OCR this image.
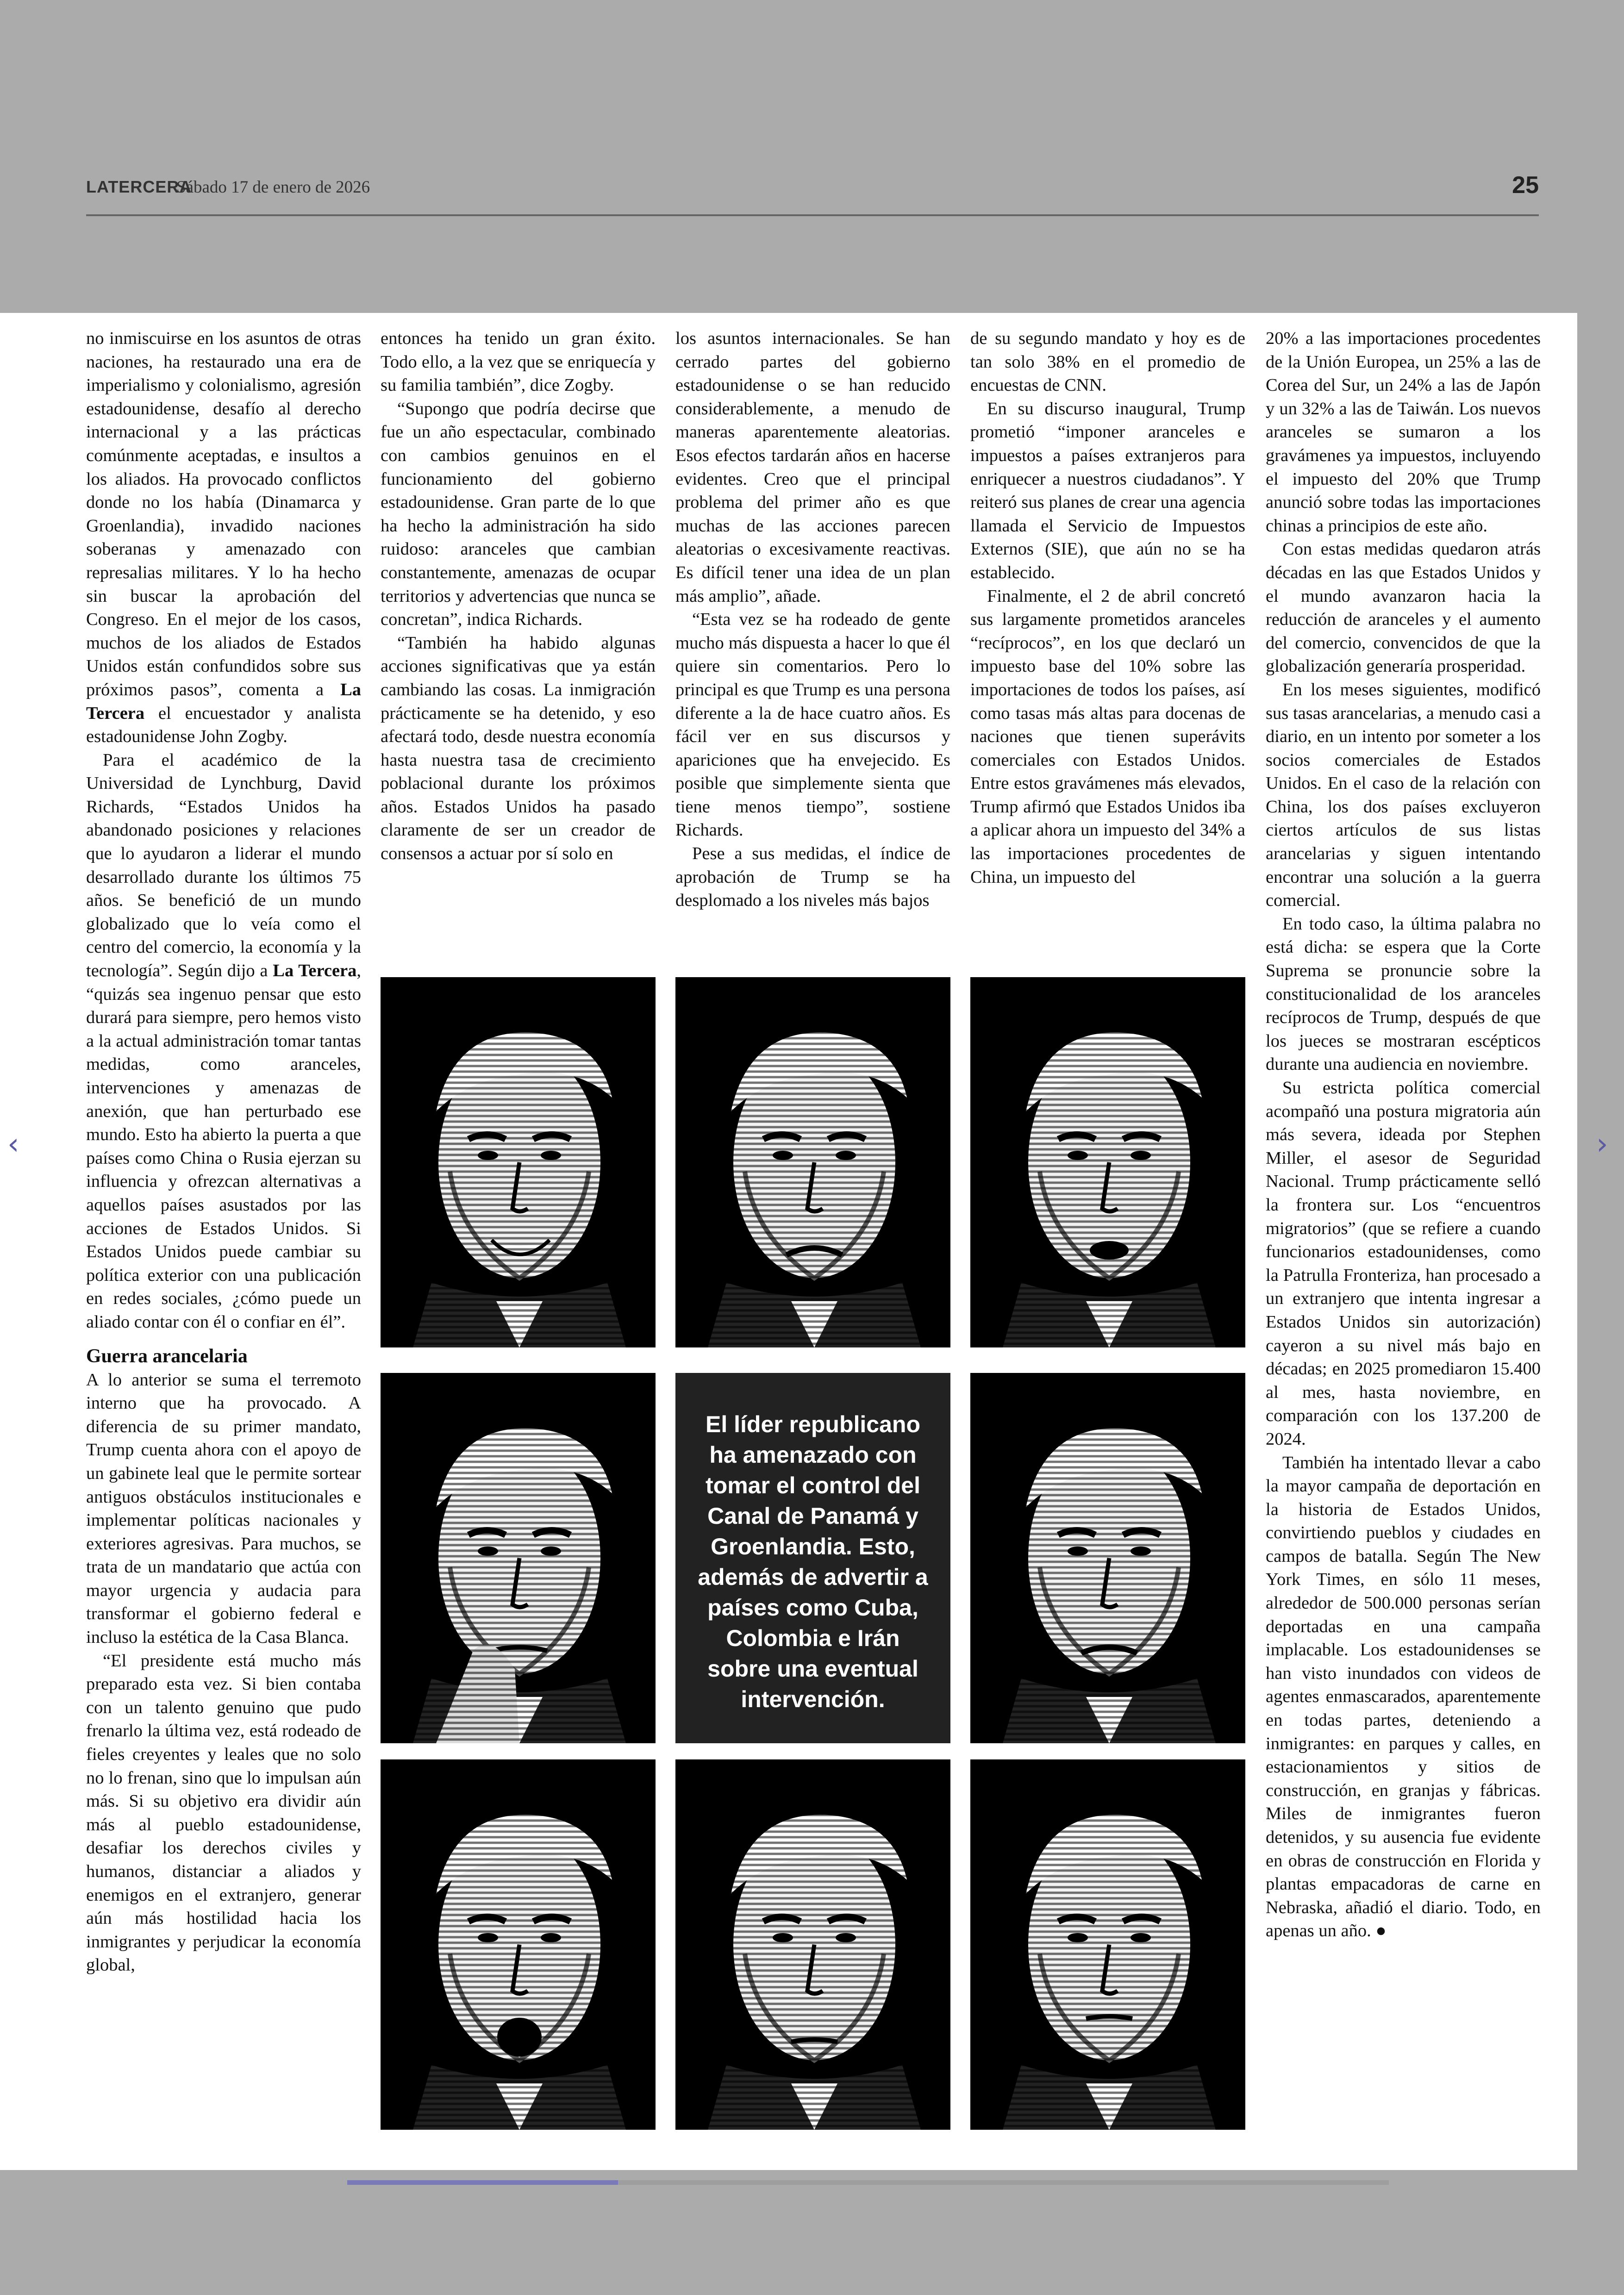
LATERCERA
Sábado 17 de enero de 2026	25

no inmiscuirse en los asuntos de otras naciones, ha restaurado una era de imperialismo y colonialismo, agresión estadounidense, desafío al derecho internacional y a las prácticas comúnmente aceptadas, e insultos a los aliados. Ha provocado conflictos donde no los había (Dinamarca y Groenlandia), invadido naciones soberanas y amenazado con represalias militares. Y lo ha hecho sin buscar la aprobación del Congreso. En el mejor de los casos, muchos de los aliados de Estados Unidos están confundidos sobre sus próximos pasos”, comenta a La Tercera el encuestador y analista estadounidense John Zogby.

Para el académico de la Universidad de Lynchburg, David Richards, “Estados Unidos ha abandonado posiciones y relaciones que lo ayudaron a liderar el mundo desarrollado durante los últimos 75 años. Se benefició de un mundo globalizado que lo veía como el centro del comercio, la economía y la tecnología”. Según dijo a La Tercera, “quizás sea ingenuo pensar que esto durará para siempre, pero hemos visto a la actual administración tomar tantas medidas, como aranceles, intervenciones y amenazas de anexión, que han perturbado ese mundo. Esto ha abierto la puerta a que países como China o Rusia ejerzan su influencia y ofrezcan alternativas a aquellos países asustados por las acciones de Estados Unidos. Si Estados Unidos puede cambiar su política exterior con una publicación en redes sociales, ¿cómo puede un aliado contar con él o confiar en él”.

Guerra arancelaria

A lo anterior se suma el terremoto interno que ha provocado. A diferencia de su primer mandato, Trump cuenta ahora con el apoyo de un gabinete leal que le permite sortear antiguos obstáculos institucionales e implementar políticas nacionales y exteriores agresivas. Para muchos, se trata de un mandatario que actúa con mayor urgencia y audacia para transformar el gobierno federal e incluso la estética de la Casa Blanca.

“El presidente está mucho más preparado esta vez. Si bien contaba con un talento genuino que pudo frenarlo la última vez, está rodeado de fieles creyentes y leales que no solo no lo frenan, sino que lo impulsan aún más. Si su objetivo era dividir aún más al pueblo estadounidense, desafiar los derechos civiles y humanos, distanciar a aliados y enemigos en el extranjero, generar aún más hostilidad hacia los inmigrantes y perjudicar la economía global,

entonces ha tenido un gran éxito. Todo ello, a la vez que se enriquecía y su familia también”, dice Zogby.

“Supongo que podría decirse que fue un año espectacular, combinado con cambios genuinos en el funcionamiento del gobierno estadounidense. Gran parte de lo que ha hecho la administración ha sido ruidoso: aranceles que cambian constantemente, amenazas de ocupar territorios y advertencias que nunca se concretan”, indica Richards.

“También ha habido algunas acciones significativas que ya están cambiando las cosas. La inmigración prácticamente se ha detenido, y eso afectará todo, desde nuestra economía hasta nuestra tasa de crecimiento poblacional durante los próximos años. Estados Unidos ha pasado claramente de ser un creador de consensos a actuar por sí solo en

los asuntos internacionales. Se han cerrado partes del gobierno estadounidense o se han reducido considerablemente, a menudo de maneras aparentemente aleatorias. Esos efectos tardarán años en hacerse evidentes. Creo que el principal problema del primer año es que muchas de las acciones parecen aleatorias o excesivamente reactivas. Es difícil tener una idea de un plan más amplio”, añade.

“Esta vez se ha rodeado de gente mucho más dispuesta a hacer lo que él quiere sin comentarios. Pero lo principal es que Trump es una persona diferente a la de hace cuatro años. Es fácil ver en sus discursos y apariciones que ha envejecido. Es posible que simplemente sienta que tiene menos tiempo”, sostiene Richards.

Pese a sus medidas, el índice de aprobación de Trump se ha desplomado a los niveles más bajos

de su segundo mandato y hoy es de tan solo 38% en el promedio de encuestas de CNN.

En su discurso inaugural, Trump prometió “imponer aranceles e impuestos a países extranjeros para enriquecer a nuestros ciudadanos”. Y reiteró sus planes de crear una agencia llamada el Servicio de Impuestos Externos (SIE), que aún no se ha establecido.

Finalmente, el 2 de abril concretó sus largamente prometidos aranceles “recíprocos”, en los que declaró un impuesto base del 10% sobre las importaciones de todos los países, así como tasas más altas para docenas de naciones que tienen superávits comerciales con Estados Unidos. Entre estos gravámenes más elevados, Trump afirmó que Estados Unidos iba a aplicar ahora un impuesto del 34% a las importaciones procedentes de China, un impuesto del

20% a las importaciones procedentes de la Unión Europea, un 25% a las de Corea del Sur, un 24% a las de Japón y un 32% a las de Taiwán. Los nuevos aranceles se sumaron a los gravámenes ya impuestos, incluyendo el impuesto del 20% que Trump anunció sobre todas las importaciones chinas a principios de este año.

Con estas medidas quedaron atrás décadas en las que Estados Unidos y el mundo avanzaron hacia la reducción de aranceles y el aumento del comercio, convencidos de que la globalización generaría prosperidad.

En los meses siguientes, modificó sus tasas arancelarias, a menudo casi a diario, en un intento por someter a los socios comerciales de Estados Unidos. En el caso de la relación con China, los dos países excluyeron ciertos artículos de sus listas arancelarias y siguen intentando encontrar una solución a la guerra comercial.

En todo caso, la última palabra no está dicha: se espera que la Corte Suprema se pronuncie sobre la constitucionalidad de los aranceles recíprocos de Trump, después de que los jueces se mostraran escépticos durante una audiencia en noviembre.

Su estricta política comercial acompañó una postura migratoria aún más severa, ideada por Stephen Miller, el asesor de Seguridad Nacional. Trump prácticamente selló la frontera sur. Los “encuentros migratorios” (que se refiere a cuando funcionarios estadounidenses, como la Patrulla Fronteriza, han procesado a un extranjero que intenta ingresar a Estados Unidos sin autorización) cayeron a su nivel más bajo en décadas; en 2025 promediaron 15.400 al mes, hasta noviembre, en comparación con los 137.200 de 2024.

También ha intentado llevar a cabo la mayor campaña de deportación en la historia de Estados Unidos, convirtiendo pueblos y ciudades en campos de batalla. Según The New York Times, en sólo 11 meses, alrededor de 500.000 personas serían deportadas en una campaña implacable. Los estadounidenses se han visto inundados con videos de agentes enmascarados, aparentemente en todas partes, deteniendo a inmigrantes: en parques y calles, en estacionamientos y sitios de construcción, en granjas y fábricas. Miles de inmigrantes fueron detenidos, y su ausencia fue evidente en obras de construcción en Florida y plantas empacadoras de carne en Nebraska, añadió el diario. Todo, en apenas un año. ●

El líder republicano ha amenazado con tomar el control del Canal de Panamá y Groenlandia. Esto, además de advertir a países como Cuba, Colombia e Irán sobre una eventual intervención.
‹	›
